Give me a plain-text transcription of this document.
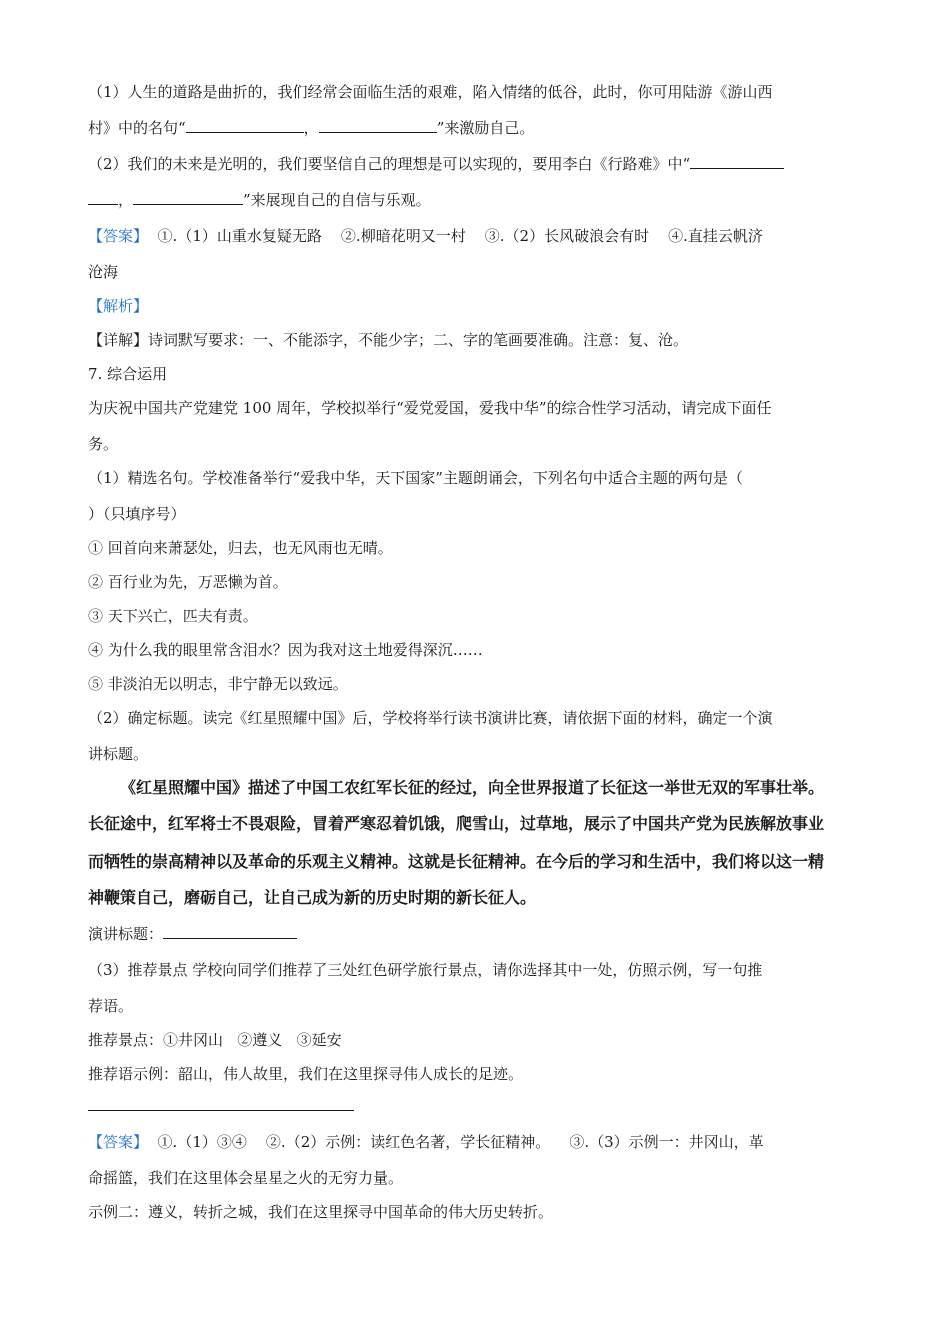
（1）人生的道路是曲折的，我们经常会面临生活的艰难，陷入情绪的低谷，此时，你可用陆游《游山西
村》中的名句“	，	”来激励自己。
（2）我们的未来是光明的，我们要坚信自己的理想是可以实现的，要用李白《行路难》中“
，	”来展现自己的自信与乐观。
【答案】  ①.（1）山重水复疑无路    ②.柳暗花明又一村    ③.（2）长风破浪会有时    ④.直挂云帆济
沧海
【解析】
【详解】诗词默写要求：一、不能添字，不能少字；二、字的笔画要准确。注意：复、沧。
7. 综合运用
为庆祝中国共产党建党 100 周年，学校拟举行“爱党爱国，爱我中华”的综合性学习活动，请完成下面任
务。
（1）精选名句。学校准备举行“爱我中华，天下国家”主题朗诵会，下列名句中适合主题的两句是（
）（只填序号）
① 回首向来萧瑟处，归去，也无风雨也无晴。
② 百行业为先，万恶懒为首。
③ 天下兴亡，匹夫有责。
④ 为什么我的眼里常含泪水？因为我对这土地爱得深沉……
⑤ 非淡泊无以明志，非宁静无以致远。
（2）确定标题。读完《红星照耀中国》后，学校将举行读书演讲比赛，请依据下面的材料，确定一个演
讲标题。
《红星照耀中国》描述了中国工农红军长征的经过，向全世界报道了长征这一举世无双的军事壮举。
长征途中，红军将士不畏艰险，冒着严寒忍着饥饿，爬雪山，过草地，展示了中国共产党为民族解放事业
而牺牲的崇高精神以及革命的乐观主义精神。这就是长征精神。在今后的学习和生活中，我们将以这一精
神鞭策自己，磨砺自己，让自己成为新的历史时期的新长征人。
演讲标题：
（3）推荐景点 学校向同学们推荐了三处红色研学旅行景点，请你选择其中一处，仿照示例，写一句推
荐语。
推荐景点：①井冈山   ②遵义   ③延安
推荐语示例：韶山，伟人故里，我们在这里探寻伟人成长的足迹。
【答案】  ①.（1）③④    ②.（2）示例：读红色名著，学长征精神。    ③.（3）示例一：井冈山，革
命摇篮，我们在这里体会星星之火的无穷力量。
示例二：遵义，转折之城，我们在这里探寻中国革命的伟大历史转折。
